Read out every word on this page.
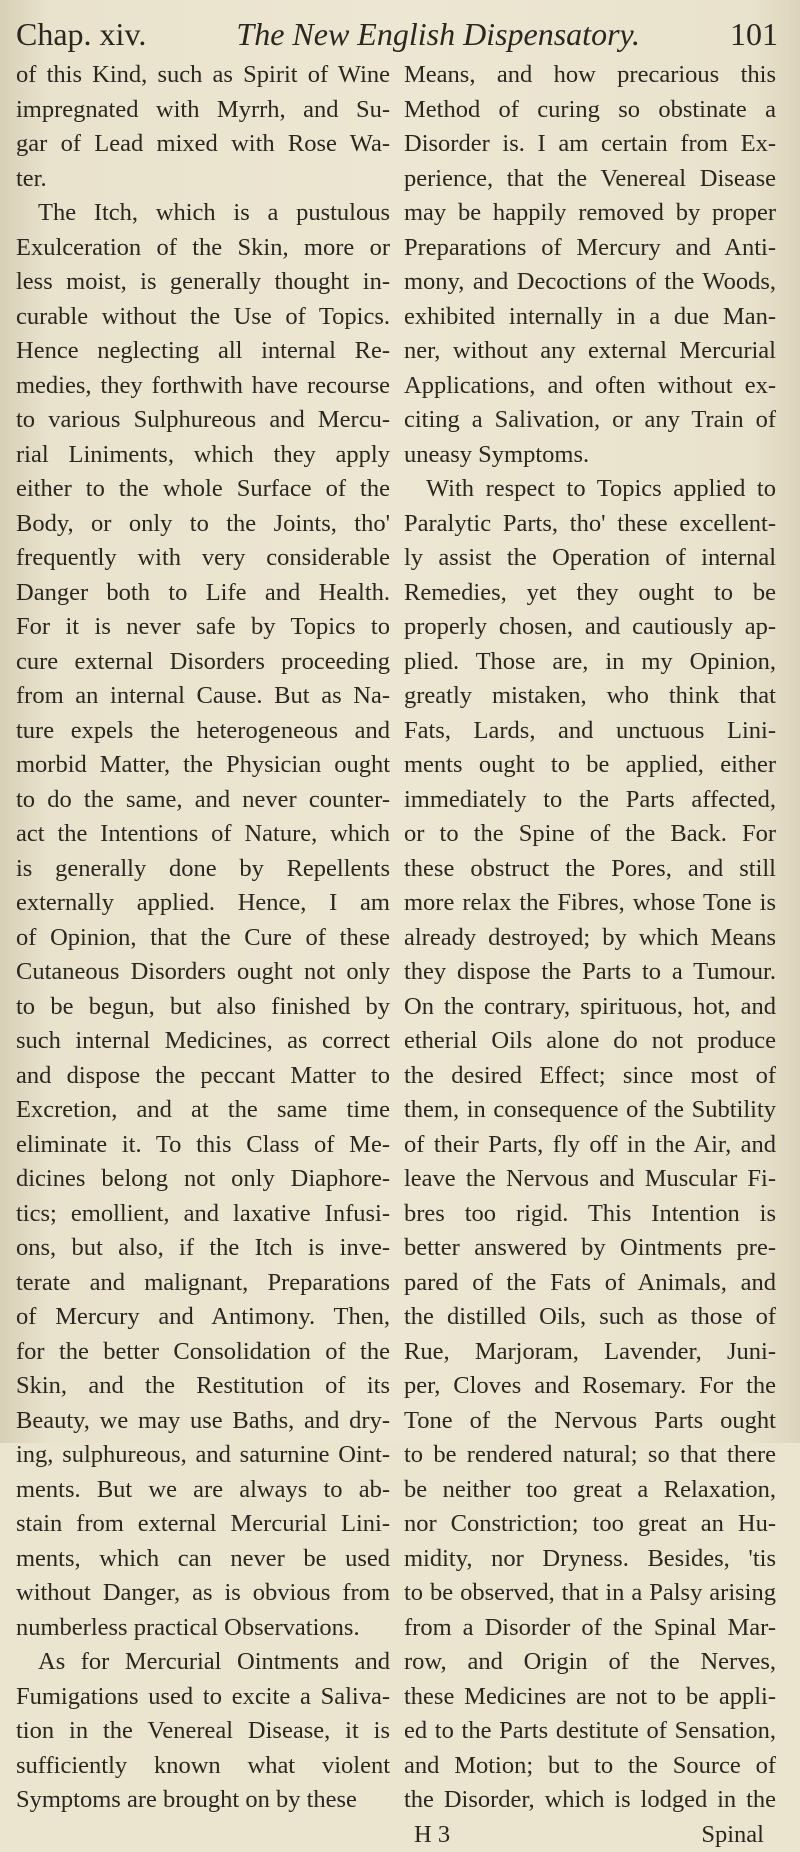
Chap. xiv.	The New English Dispensatory.	101
of this Kind, such as Spirit of Wine
impregnated with Myrrh, and Su-
gar of Lead mixed with Rose Wa-
ter.
The Itch, which is a pustulous
Exulceration of the Skin, more or
less moist, is generally thought in-
curable without the Use of Topics.
Hence neglecting all internal Re-
medies, they forthwith have recourse
to various Sulphureous and Mercu-
rial Liniments, which they apply
either to the whole Surface of the
Body, or only to the Joints, tho'
frequently with very considerable
Danger both to Life and Health.
For it is never safe by Topics to
cure external Disorders proceeding
from an internal Cause. But as Na-
ture expels the heterogeneous and
morbid Matter, the Physician ought
to do the same, and never counter-
act the Intentions of Nature, which
is generally done by Repellents
externally applied. Hence, I am
of Opinion, that the Cure of these
Cutaneous Disorders ought not only
to be begun, but also finished by
such internal Medicines, as correct
and dispose the peccant Matter to
Excretion, and at the same time
eliminate it. To this Class of Me-
dicines belong not only Diaphore-
tics; emollient, and laxative Infusi-
ons, but also, if the Itch is inve-
terate and malignant, Preparations
of Mercury and Antimony. Then,
for the better Consolidation of the
Skin, and the Restitution of its
Beauty, we may use Baths, and dry-
ing, sulphureous, and saturnine Oint-
ments. But we are always to ab-
stain from external Mercurial Lini-
ments, which can never be used
without Danger, as is obvious from
numberless practical Observations.
As for Mercurial Ointments and
Fumigations used to excite a Saliva-
tion in the Venereal Disease, it is
sufficiently known what violent
Symptoms are brought on by these
Means, and how precarious this
Method of curing so obstinate a
Disorder is. I am certain from Ex-
perience, that the Venereal Disease
may be happily removed by proper
Preparations of Mercury and Anti-
mony, and Decoctions of the Woods,
exhibited internally in a due Man-
ner, without any external Mercurial
Applications, and often without ex-
citing a Salivation, or any Train of
uneasy Symptoms.
With respect to Topics applied to
Paralytic Parts, tho' these excellent-
ly assist the Operation of internal
Remedies, yet they ought to be
properly chosen, and cautiously ap-
plied. Those are, in my Opinion,
greatly mistaken, who think that
Fats, Lards, and unctuous Lini-
ments ought to be applied, either
immediately to the Parts affected,
or to the Spine of the Back. For
these obstruct the Pores, and still
more relax the Fibres, whose Tone is
already destroyed; by which Means
they dispose the Parts to a Tumour.
On the contrary, spirituous, hot, and
etherial Oils alone do not produce
the desired Effect; since most of
them, in consequence of the Subtility
of their Parts, fly off in the Air, and
leave the Nervous and Muscular Fi-
bres too rigid. This Intention is
better answered by Ointments pre-
pared of the Fats of Animals, and
the distilled Oils, such as those of
Rue, Marjoram, Lavender, Juni-
per, Cloves and Rosemary. For the
Tone of the Nervous Parts ought
to be rendered natural; so that there
be neither too great a Relaxation,
nor Constriction; too great an Hu-
midity, nor Dryness. Besides, 'tis
to be observed, that in a Palsy arising
from a Disorder of the Spinal Mar-
row, and Origin of the Nerves,
these Medicines are not to be appli-
ed to the Parts destitute of Sensation,
and Motion; but to the Source of
the Disorder, which is lodged in the
H 3	Spinal
